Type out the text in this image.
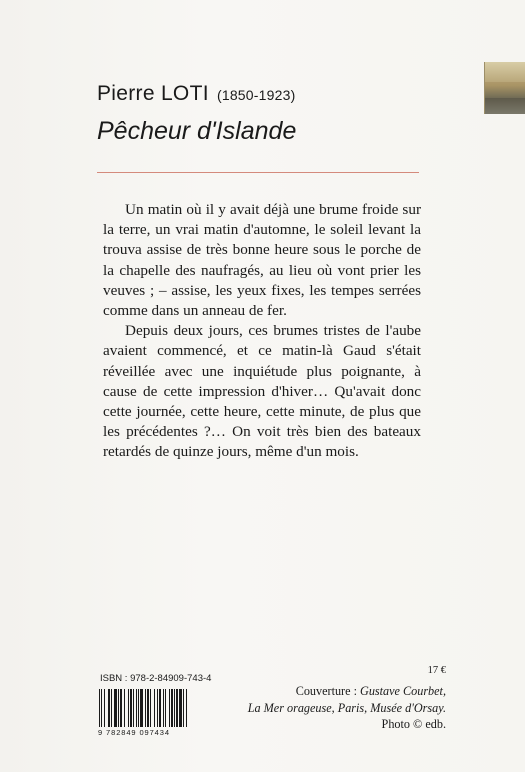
Pierre LOTI (1850-1923)
Pêcheur d'Islande

Un matin où il y avait déjà une brume froide sur la terre, un vrai matin d'automne, le soleil levant la trouva assise de très bonne heure sous le porche de la chapelle des naufragés, au lieu où vont prier les veuves ; – assise, les yeux fixes, les tempes serrées comme dans un anneau de fer.

Depuis deux jours, ces brumes tristes de l'aube avaient commencé, et ce matin-là Gaud s'était réveillée avec une inquiétude plus poignante, à cause de cette impression d'hiver… Qu'avait donc cette journée, cette heure, cette minute, de plus que les précédentes ?… On voit très bien des bateaux retardés de quinze jours, même d'un mois.

17 €
ISBN : 978-2-84909-743-4
9 782849 097434
Couverture : Gustave Courbet,
La Mer orageuse, Paris, Musée d'Orsay.
Photo © edb.
